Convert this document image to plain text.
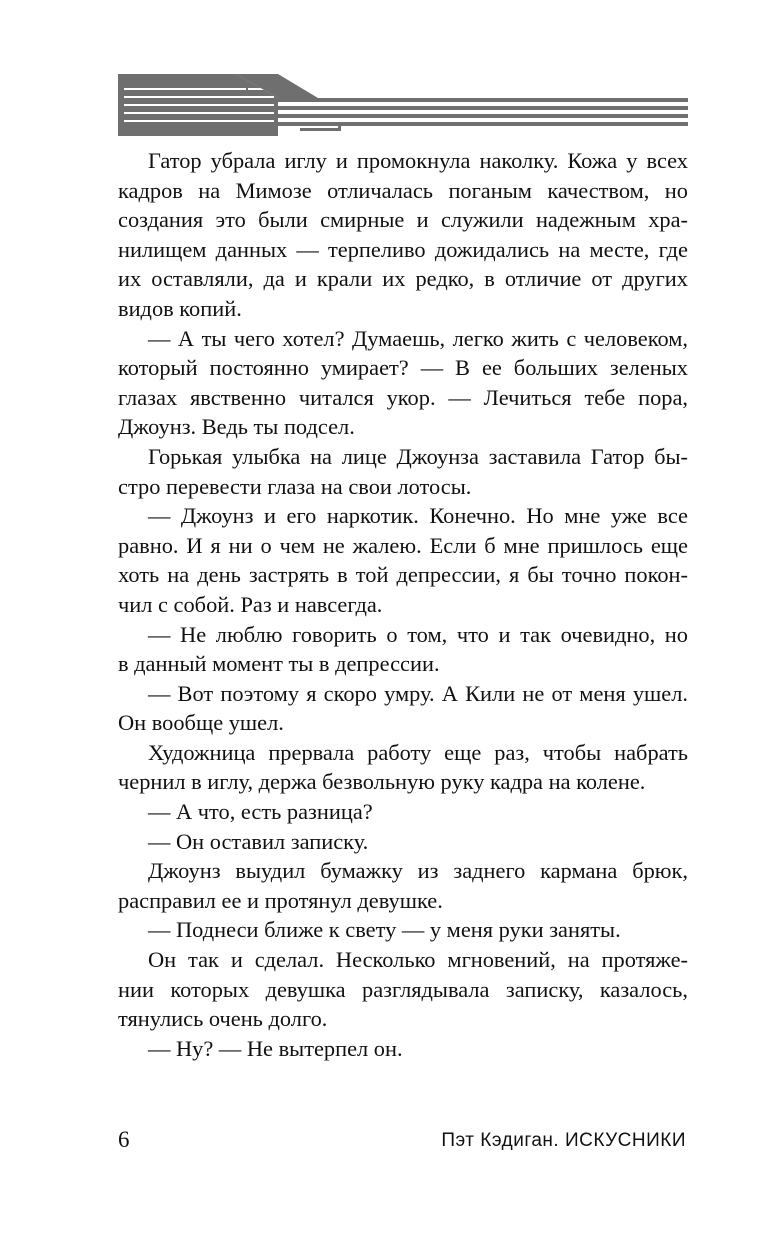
Гатор убрала иглу и промокнула наколку. Кожа у всех
кадров на Мимозе отличалась поганым качеством, но
создания это были смирные и служили надежным хра-
нилищем данных — терпеливо дожидались на месте, где
их оставляли, да и крали их редко, в отличие от других
видов копий.
— А ты чего хотел? Думаешь, легко жить с человеком,
который постоянно умирает? — В ее больших зеленых
глазах явственно читался укор. — Лечиться тебе пора,
Джоунз. Ведь ты подсел.
Горькая улыбка на лице Джоунза заставила Гатор бы-
стро перевести глаза на свои лотосы.
— Джоунз и его наркотик. Конечно. Но мне уже все
равно. И я ни о чем не жалею. Если б мне пришлось еще
хоть на день застрять в той депрессии, я бы точно покон-
чил с собой. Раз и навсегда.
— Не люблю говорить о том, что и так очевидно, но
в данный момент ты в депрессии.
— Вот поэтому я скоро умру. А Кили не от меня ушел.
Он вообще ушел.
Художница прервала работу еще раз, чтобы набрать
чернил в иглу, держа безвольную руку кадра на колене.
— А что, есть разница?
— Он оставил записку.
Джоунз выудил бумажку из заднего кармана брюк,
расправил ее и протянул девушке.
— Поднеси ближе к свету — у меня руки заняты.
Он так и сделал. Несколько мгновений, на протяже-
нии которых девушка разглядывала записку, казалось,
тянулись очень долго.
— Ну? — Не вытерпел он.
6	Пэт Кэдиган. ИСКУСНИКИ
